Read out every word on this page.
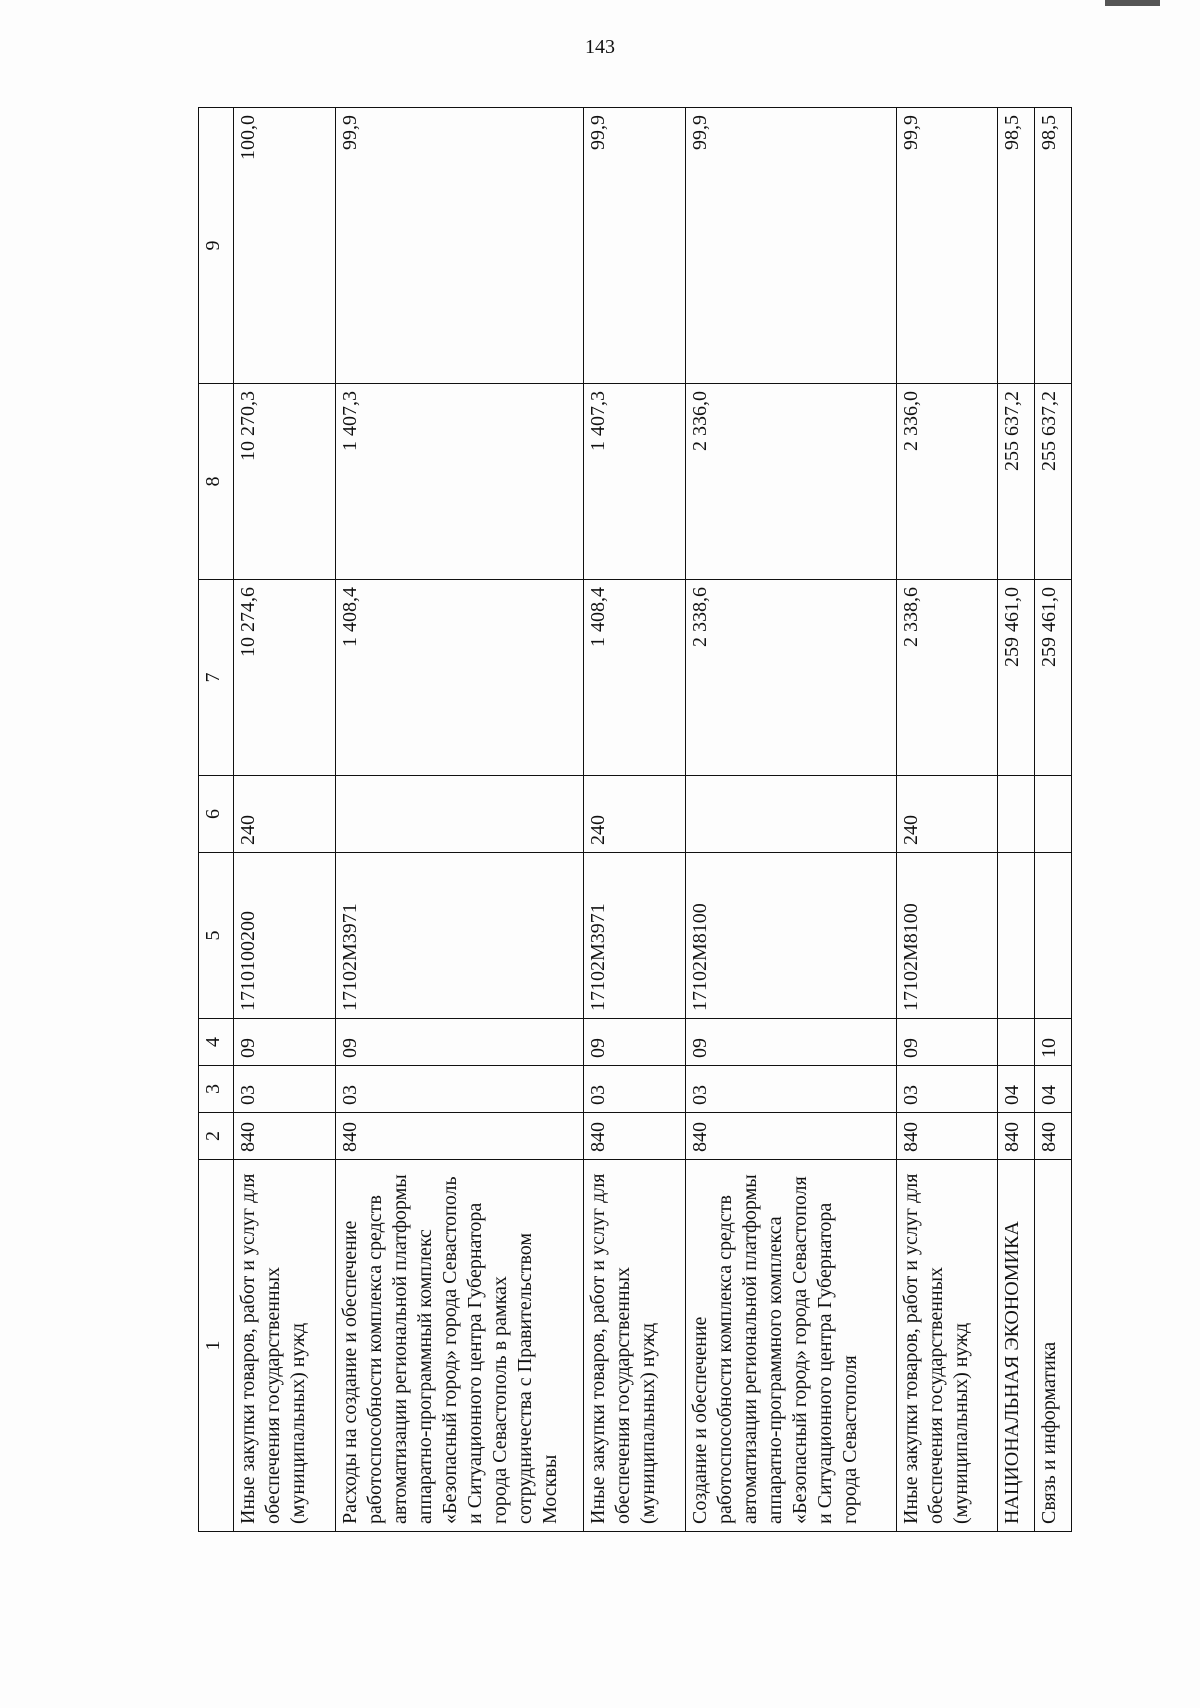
143
1	2	3	4	5	6	7	8	9
Иные закупки товаров, работ и услуг для обеспечения государственных (муниципальных) нужд	840	03	09	1710100200	240	10 274,6	10 270,3	100,0
Расходы на создание и обеспечение работоспособности комплекса средств автоматизации региональной платформы аппаратно-программный комплекс «Безопасный город» города Севастополь и Ситуационного центра Губернатора города Севастополь в рамках сотрудничества с Правительством Москвы	840	03	09	17102М3971		1 408,4	1 407,3	99,9
Иные закупки товаров, работ и услуг для обеспечения государственных (муниципальных) нужд	840	03	09	17102М3971	240	1 408,4	1 407,3	99,9
Создание и обеспечение работоспособности комплекса средств автоматизации региональной платформы аппаратно-программного комплекса «Безопасный город» города Севастополя и Ситуационного центра Губернатора города Севастополя	840	03	09	17102М8100		2 338,6	2 336,0	99,9
Иные закупки товаров, работ и услуг для обеспечения государственных (муниципальных) нужд	840	03	09	17102М8100	240	2 338,6	2 336,0	99,9
НАЦИОНАЛЬНАЯ ЭКОНОМИКА	840	04				259 461,0	255 637,2	98,5
Связь и информатика	840	04	10			259 461,0	255 637,2	98,5
